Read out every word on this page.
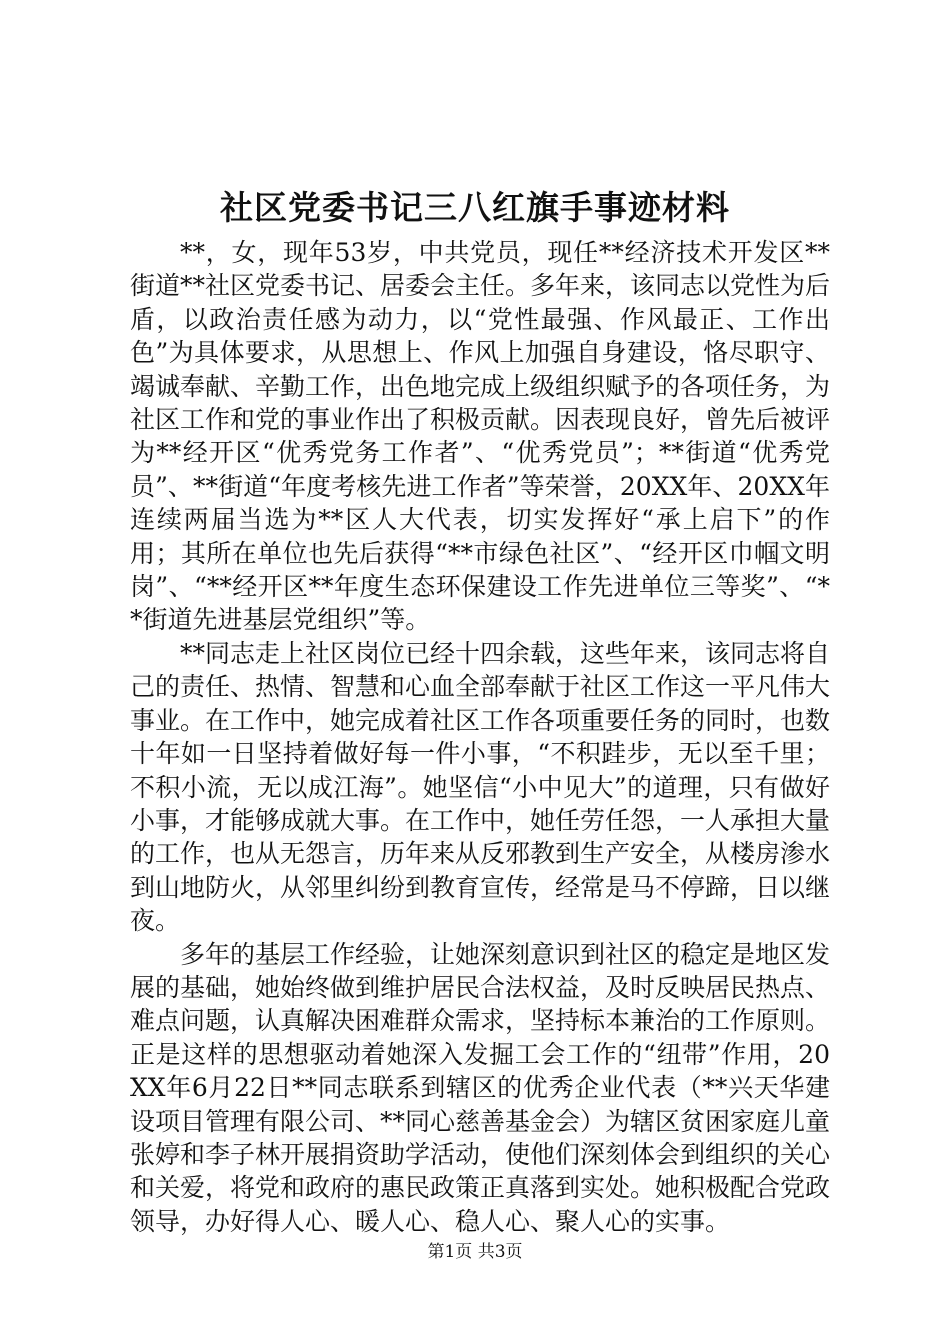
社区党委书记三八红旗手事迹材料

**，女，现年53岁，中共党员，现任**经济技术开发区**街道**社区党委书记、居委会主任。多年来，该同志以党性为后盾，以政治责任感为动力，以“党性最强、作风最正、工作出色”为具体要求，从思想上、作风上加强自身建设，恪尽职守、竭诚奉献、辛勤工作，出色地完成上级组织赋予的各项任务，为社区工作和党的事业作出了积极贡献。因表现良好，曾先后被评为**经开区“优秀党务工作者”、“优秀党员”；**街道“优秀党员”、**街道“年度考核先进工作者”等荣誉，20XX年、20XX年连续两届当选为**区人大代表，切实发挥好“承上启下”的作用；其所在单位也先后获得“**市绿色社区”、“经开区巾帼文明岗”、“**经开区**年度生态环保建设工作先进单位三等奖”、“**街道先进基层党组织”等。

**同志走上社区岗位已经十四余载，这些年来，该同志将自己的责任、热情、智慧和心血全部奉献于社区工作这一平凡伟大事业。在工作中，她完成着社区工作各项重要任务的同时，也数十年如一日坚持着做好每一件小事，“不积跬步，无以至千里；不积小流，无以成江海”。她坚信“小中见大”的道理，只有做好小事，才能够成就大事。在工作中，她任劳任怨，一人承担大量的工作，也从无怨言，历年来从反邪教到生产安全，从楼房渗水到山地防火，从邻里纠纷到教育宣传，经常是马不停蹄，日以继夜。

多年的基层工作经验，让她深刻意识到社区的稳定是地区发展的基础，她始终做到维护居民合法权益，及时反映居民热点、难点问题，认真解决困难群众需求，坚持标本兼治的工作原则。正是这样的思想驱动着她深入发掘工会工作的“纽带”作用，20XX年6月22日**同志联系到辖区的优秀企业代表（**兴天华建设项目管理有限公司、**同心慈善基金会）为辖区贫困家庭儿童张婷和李子林开展捐资助学活动，使他们深刻体会到组织的关心和关爱，将党和政府的惠民政策正真落到实处。她积极配合党政领导，办好得人心、暖人心、稳人心、聚人心的实事。

第1页 共3页
